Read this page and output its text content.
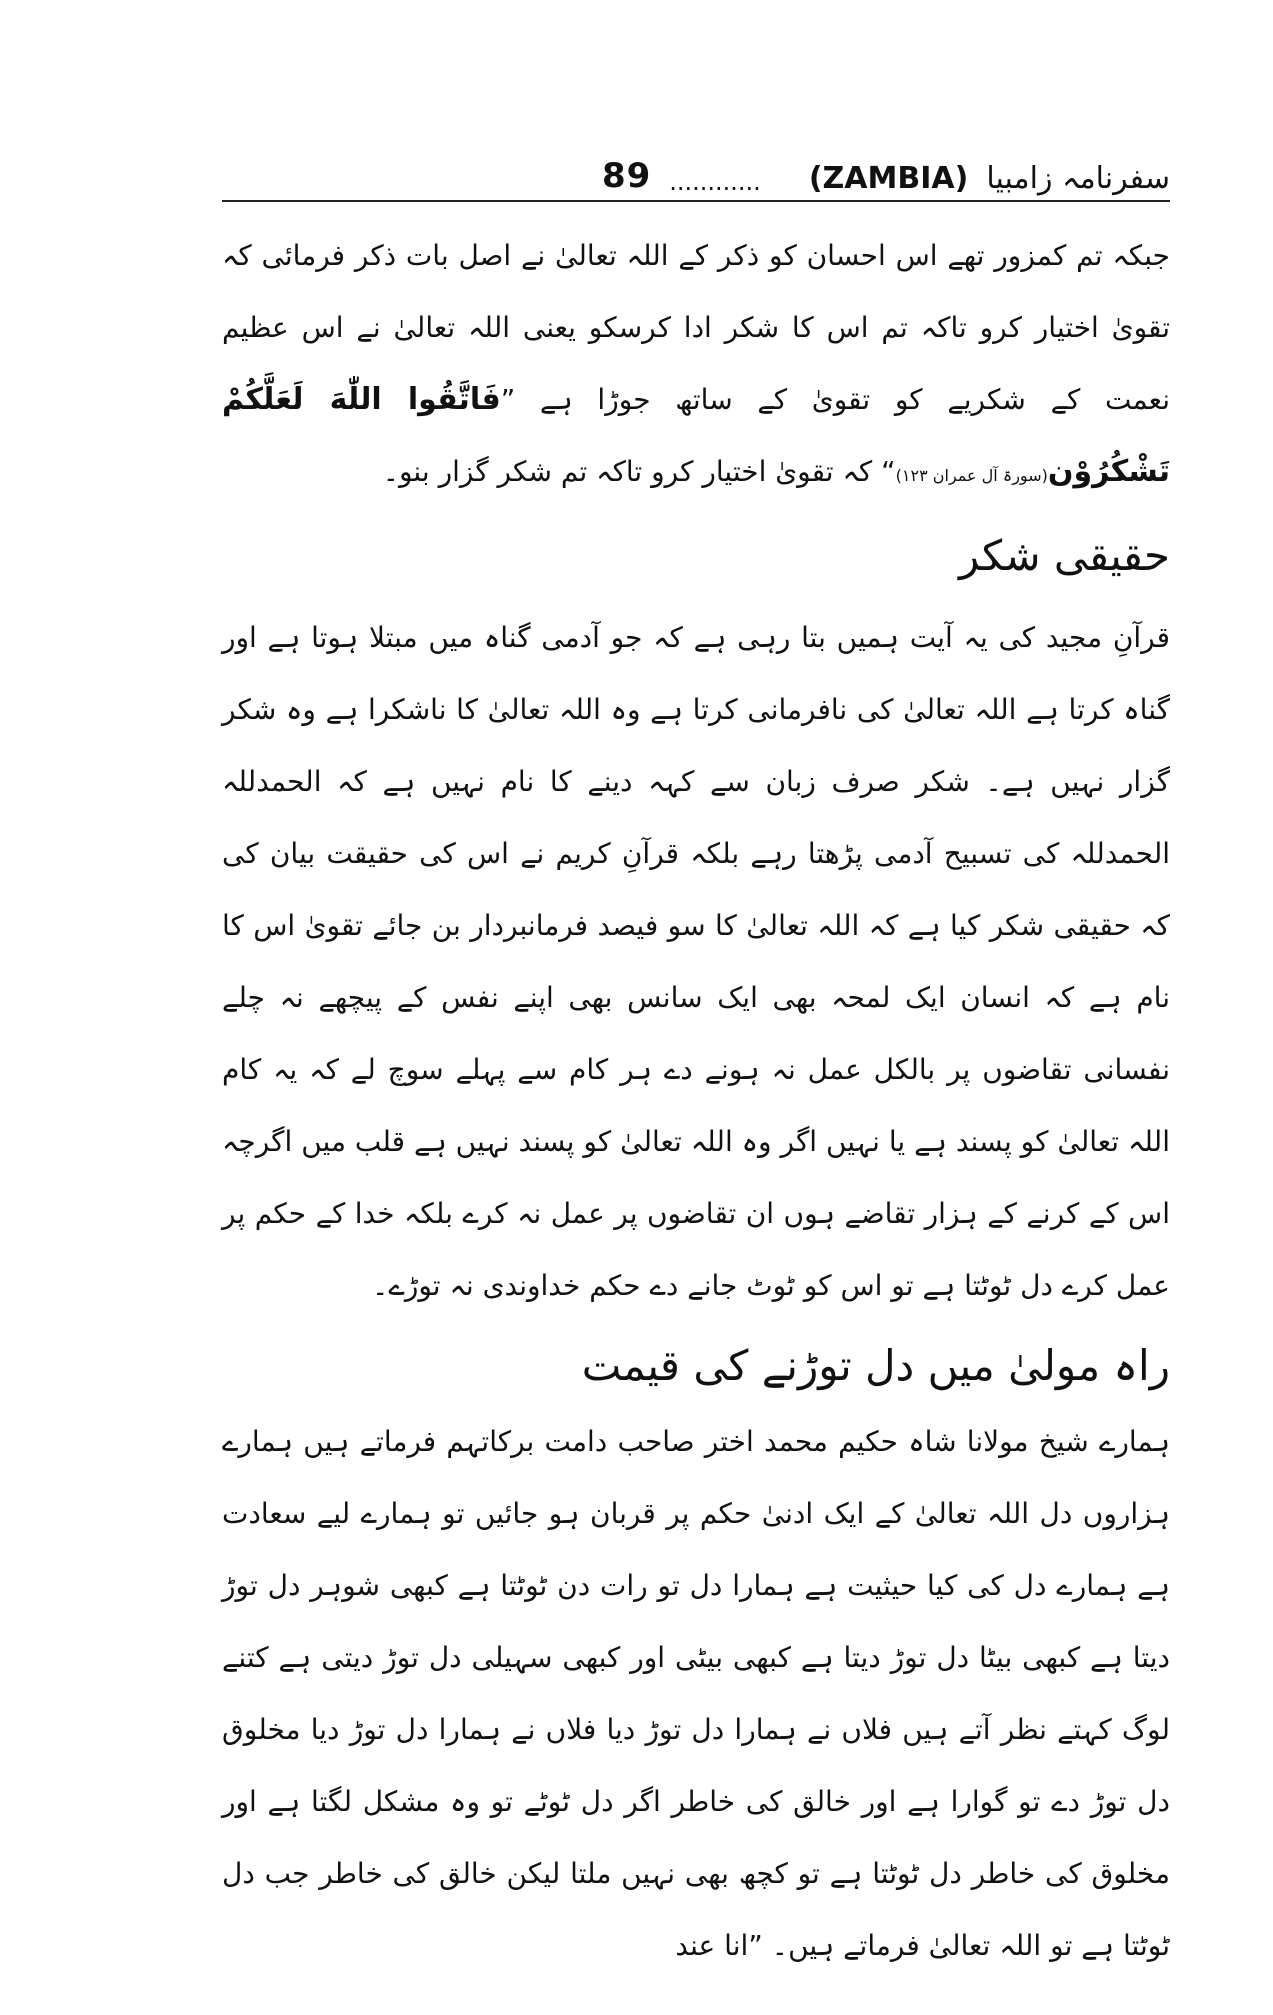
89 ............ (ZAMBIA) سفرنامہ زامبیا

جبکہ تم کمزور تھے اس احسان کو ذکر کے اللہ تعالیٰ نے اصل بات ذکر فرمائی کہ تقویٰ اختیار کرو تاکہ تم اس کا شکر ادا کرسکو یعنی اللہ تعالیٰ نے اس عظیم نعمت کے شکریے کو تقویٰ کے ساتھ جوڑا ہے ”فَاتَّقُوا اللّٰهَ لَعَلَّكُمْ تَشْكُرُوْن(سورۃ آل عمران ۱۲۳)“ کہ تقویٰ اختیار کرو تاکہ تم شکر گزار بنو۔

حقیقی شکر

قرآنِ مجید کی یہ آیت ہمیں بتا رہی ہے کہ جو آدمی گناہ میں مبتلا ہوتا ہے اور گناہ کرتا ہے اللہ تعالیٰ کی نافرمانی کرتا ہے وہ اللہ تعالیٰ کا ناشکرا ہے وہ شکر گزار نہیں ہے۔ شکر صرف زبان سے کہہ دینے کا نام نہیں ہے کہ الحمدللہ الحمدللہ کی تسبیح آدمی پڑھتا رہے بلکہ قرآنِ کریم نے اس کی حقیقت بیان کی کہ حقیقی شکر کیا ہے کہ اللہ تعالیٰ کا سو فیصد فرمانبردار بن جائے تقویٰ اس کا نام ہے کہ انسان ایک لمحہ بھی ایک سانس بھی اپنے نفس کے پیچھے نہ چلے نفسانی تقاضوں پر بالکل عمل نہ ہونے دے ہر کام سے پہلے سوچ لے کہ یہ کام اللہ تعالیٰ کو پسند ہے یا نہیں اگر وہ اللہ تعالیٰ کو پسند نہیں ہے قلب میں اگرچہ اس کے کرنے کے ہزار تقاضے ہوں ان تقاضوں پر عمل نہ کرے بلکہ خدا کے حکم پر عمل کرے دل ٹوٹتا ہے تو اس کو ٹوٹ جانے دے حکم خداوندی نہ توڑے۔

راہ مولیٰ میں دل توڑنے کی قیمت

ہمارے شیخ مولانا شاہ حکیم محمد اختر صاحب دامت برکاتہم فرماتے ہیں ہمارے ہزاروں دل اللہ تعالیٰ کے ایک ادنیٰ حکم پر قربان ہو جائیں تو ہمارے لیے سعادت ہے ہمارے دل کی کیا حیثیت ہے ہمارا دل تو رات دن ٹوٹتا ہے کبھی شوہر دل توڑ دیتا ہے کبھی بیٹا دل توڑ دیتا ہے کبھی بیٹی اور کبھی سہیلی دل توڑ دیتی ہے کتنے لوگ کہتے نظر آتے ہیں فلاں نے ہمارا دل توڑ دیا فلاں نے ہمارا دل توڑ دیا مخلوق دل توڑ دے تو گوارا ہے اور خالق کی خاطر اگر دل ٹوٹے تو وہ مشکل لگتا ہے اور مخلوق کی خاطر دل ٹوٹتا ہے تو کچھ بھی نہیں ملتا لیکن خالق کی خاطر جب دل ٹوٹتا ہے تو اللہ تعالیٰ فرماتے ہیں۔ ”انا عند
